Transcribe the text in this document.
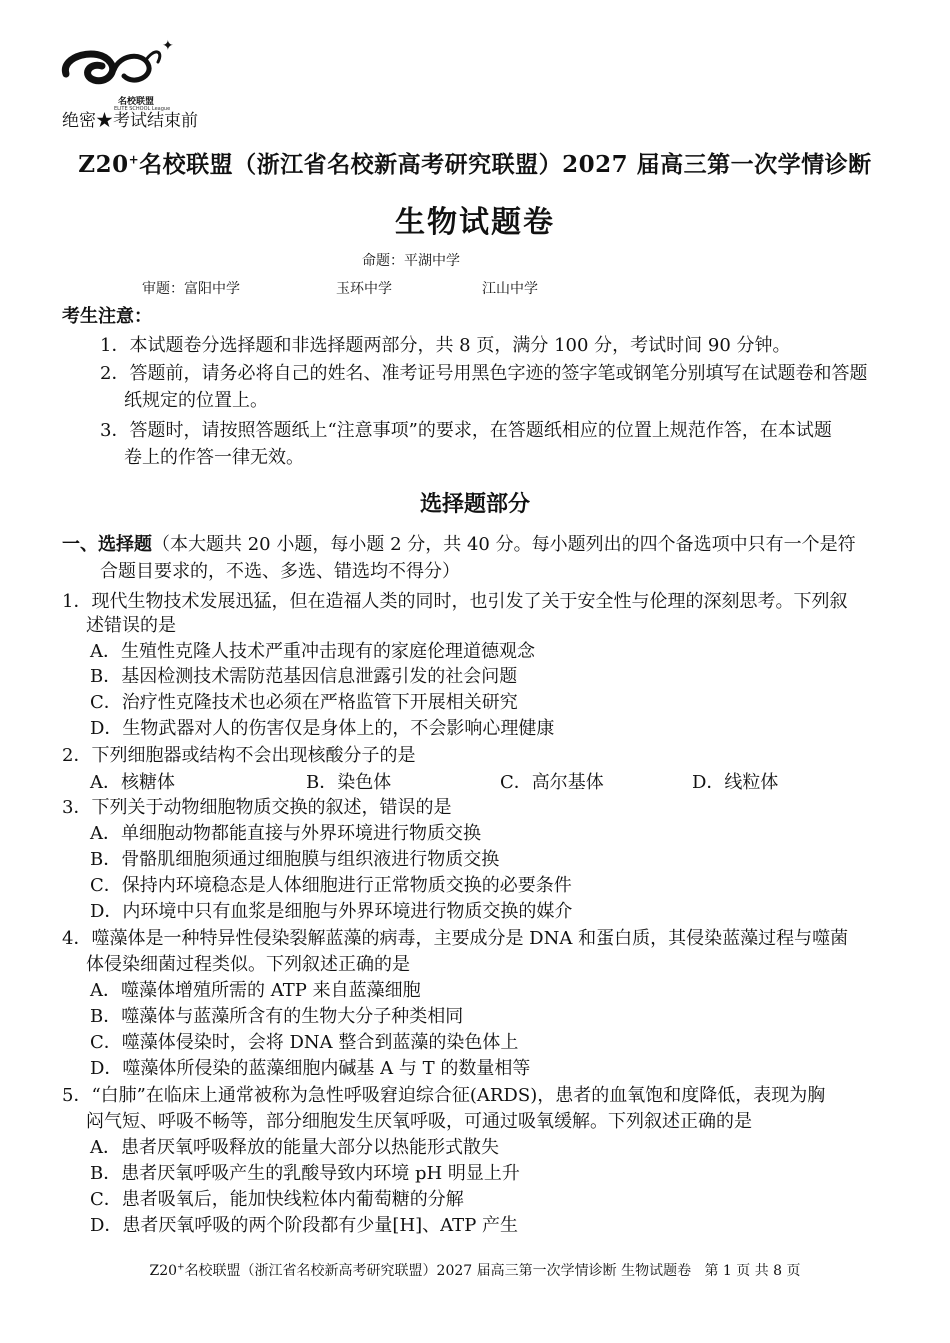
✦
名校联盟
ELITE SCHOOL League
绝密★考试结束前
Z20+名校联盟（浙江省名校新高考研究联盟）2027 届高三第一次学情诊断
生物试题卷
命题：平湖中学
审题：富阳中学	玉环中学	江山中学
考生注意：
1．本试题卷分选择题和非选择题两部分，共 8 页，满分 100 分，考试时间 90 分钟。
2．答题前，请务必将自己的姓名、准考证号用黑色字迹的签字笔或钢笔分别填写在试题卷和答题
纸规定的位置上。
3．答题时，请按照答题纸上“注意事项”的要求，在答题纸相应的位置上规范作答，在本试题
卷上的作答一律无效。
选择题部分
一、选择题（本大题共 20 小题，每小题 2 分，共 40 分。每小题列出的四个备选项中只有一个是符
合题目要求的，不选、多选、错选均不得分）
1．现代生物技术发展迅猛，但在造福人类的同时，也引发了关于安全性与伦理的深刻思考。下列叙
述错误的是
A．生殖性克隆人技术严重冲击现有的家庭伦理道德观念
B．基因检测技术需防范基因信息泄露引发的社会问题
C．治疗性克隆技术也必须在严格监管下开展相关研究
D．生物武器对人的伤害仅是身体上的，不会影响心理健康
2．下列细胞器或结构不会出现核酸分子的是
A．核糖体	B．染色体	C．高尔基体	D．线粒体
3．下列关于动物细胞物质交换的叙述，错误的是
A．单细胞动物都能直接与外界环境进行物质交换
B．骨骼肌细胞须通过细胞膜与组织液进行物质交换
C．保持内环境稳态是人体细胞进行正常物质交换的必要条件
D．内环境中只有血浆是细胞与外界环境进行物质交换的媒介
4．噬藻体是一种特异性侵染裂解蓝藻的病毒，主要成分是 DNA 和蛋白质，其侵染蓝藻过程与噬菌
体侵染细菌过程类似。下列叙述正确的是
A．噬藻体增殖所需的 ATP 来自蓝藻细胞
B．噬藻体与蓝藻所含有的生物大分子种类相同
C．噬藻体侵染时，会将 DNA 整合到蓝藻的染色体上
D．噬藻体所侵染的蓝藻细胞内碱基 A 与 T 的数量相等
5．“白肺”在临床上通常被称为急性呼吸窘迫综合征(ARDS)，患者的血氧饱和度降低，表现为胸
闷气短、呼吸不畅等，部分细胞发生厌氧呼吸，可通过吸氧缓解。下列叙述正确的是
A．患者厌氧呼吸释放的能量大部分以热能形式散失
B．患者厌氧呼吸产生的乳酸导致内环境 pH 明显上升
C．患者吸氧后，能加快线粒体内葡萄糖的分解
D．患者厌氧呼吸的两个阶段都有少量[H]、ATP 产生
Z20+名校联盟（浙江省名校新高考研究联盟）2027 届高三第一次学情诊断 生物试题卷 第 1 页 共 8 页
